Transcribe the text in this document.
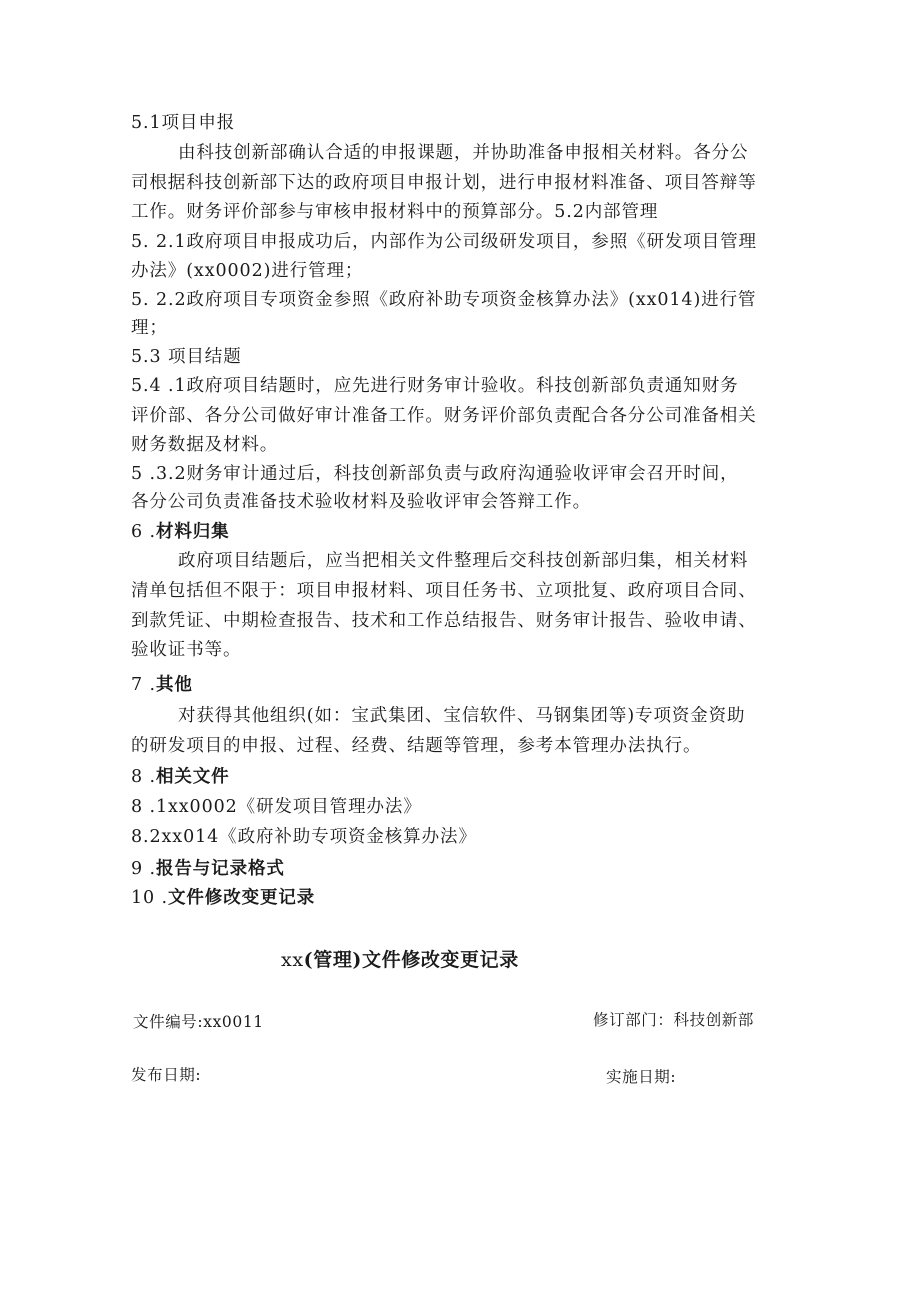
5.1项目申报
由科技创新部确认合适的申报课题，并协助准备申报相关材料。各分公
司根据科技创新部下达的政府项目申报计划，进行申报材料准备、项目答辩等
工作。财务评价部参与审核申报材料中的预算部分。5.2内部管理
5. 2.1政府项目申报成功后，内部作为公司级研发项目，参照《研发项目管理
办法》(xx0002)进行管理；
5. 2.2政府项目专项资金参照《政府补助专项资金核算办法》(xx014)进行管
理；
5.3 项目结题
5.4 .1政府项目结题时，应先进行财务审计验收。科技创新部负责通知财务
评价部、各分公司做好审计准备工作。财务评价部负责配合各分公司准备相关
财务数据及材料。
5 .3.2财务审计通过后，科技创新部负责与政府沟通验收评审会召开时间，
各分公司负责准备技术验收材料及验收评审会答辩工作。
6 .材料归集
政府项目结题后，应当把相关文件整理后交科技创新部归集，相关材料
清单包括但不限于：项目申报材料、项目任务书、立项批复、政府项目合同、
到款凭证、中期检查报告、技术和工作总结报告、财务审计报告、验收申请、
验收证书等。
7 .其他
对获得其他组织(如：宝武集团、宝信软件、马钢集团等)专项资金资助
的研发项目的申报、过程、经费、结题等管理，参考本管理办法执行。
8 .相关文件
8 .1xx0002《研发项目管理办法》
8.2xx014《政府补助专项资金核算办法》
9 .报告与记录格式
10 .文件修改变更记录
xx(管理)文件修改变更记录
文件编号:xx0011	修订部门：科技创新部
发布日期:	实施日期:
